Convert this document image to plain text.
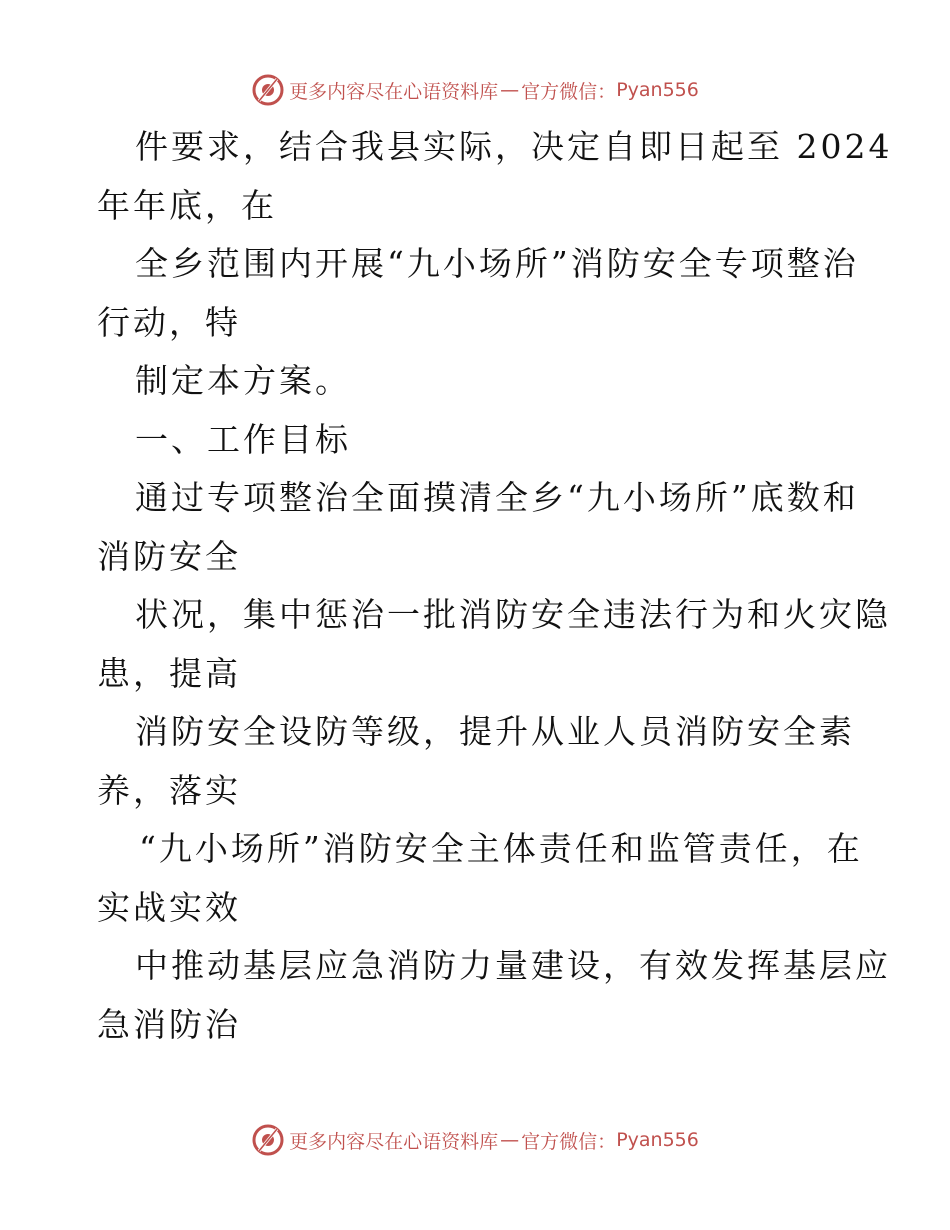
更多内容尽在心语资料库 — 官方微信： Pyan556
件要求，结合我县实际，决定自即日起至 2024
年年底，在
全乡范围内开展“九小场所”消防安全专项整治
行动，特
制定本方案。
一、工作目标
通过专项整治全面摸清全乡“九小场所”底数和
消防安全
状况，集中惩治一批消防安全违法行为和火灾隐
患，提高
消防安全设防等级，提升从业人员消防安全素
养，落实
“九小场所”消防安全主体责任和监管责任，在
实战实效
中推动基层应急消防力量建设，有效发挥基层应
急消防治
更多内容尽在心语资料库 — 官方微信： Pyan556
